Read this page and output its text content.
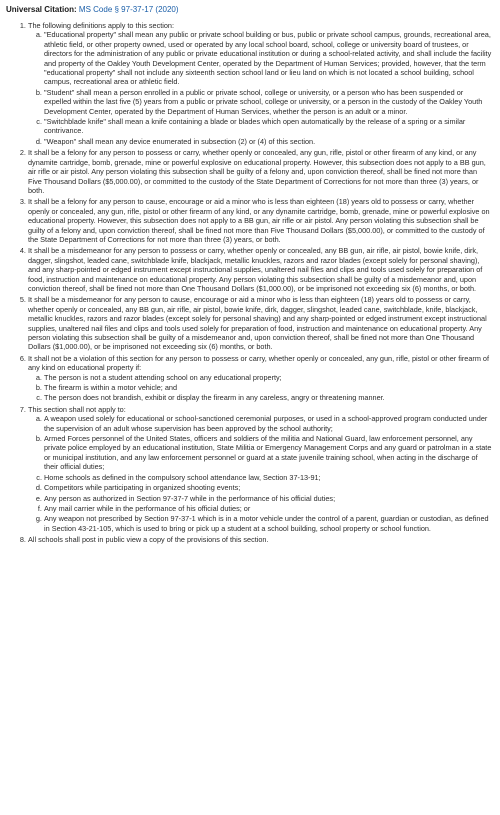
Universal Citation: MS Code § 97-37-17 (2020)
1. The following definitions apply to this section:
a. "Educational property" shall mean any public or private school building or bus, public or private school campus, grounds, recreational area, athletic field, or other property owned, used or operated by any local school board, school, college or university board of trustees, or directors for the administration of any public or private educational institution or during a school-related activity, and shall include the facility and property of the Oakley Youth Development Center, operated by the Department of Human Services; provided, however, that the term "educational property" shall not include any sixteenth section school land or lieu land on which is not located a school building, school campus, recreational area or athletic field.
b. "Student" shall mean a person enrolled in a public or private school, college or university, or a person who has been suspended or expelled within the last five (5) years from a public or private school, college or university, or a person in the custody of the Oakley Youth Development Center, operated by the Department of Human Services, whether the person is an adult or a minor.
c. "Switchblade knife" shall mean a knife containing a blade or blades which open automatically by the release of a spring or a similar contrivance.
d. "Weapon" shall mean any device enumerated in subsection (2) or (4) of this section.
2. It shall be a felony for any person to possess or carry, whether openly or concealed, any gun, rifle, pistol or other firearm of any kind, or any dynamite cartridge, bomb, grenade, mine or powerful explosive on educational property. However, this subsection does not apply to a BB gun, air rifle or air pistol. Any person violating this subsection shall be guilty of a felony and, upon conviction thereof, shall be fined not more than Five Thousand Dollars ($5,000.00), or committed to the custody of the State Department of Corrections for not more than three (3) years, or both.
3. It shall be a felony for any person to cause, encourage or aid a minor who is less than eighteen (18) years old to possess or carry, whether openly or concealed, any gun, rifle, pistol or other firearm of any kind, or any dynamite cartridge, bomb, grenade, mine or powerful explosive on educational property. However, this subsection does not apply to a BB gun, air rifle or air pistol. Any person violating this subsection shall be guilty of a felony and, upon conviction thereof, shall be fined not more than Five Thousand Dollars ($5,000.00), or committed to the custody of the State Department of Corrections for not more than three (3) years, or both.
4. It shall be a misdemeanor for any person to possess or carry, whether openly or concealed, any BB gun, air rifle, air pistol, bowie knife, dirk, dagger, slingshot, leaded cane, switchblade knife, blackjack, metallic knuckles, razors and razor blades (except solely for personal shaving), and any sharp-pointed or edged instrument except instructional supplies, unaltered nail files and clips and tools used solely for preparation of food, instruction and maintenance on educational property. Any person violating this subsection shall be guilty of a misdemeanor and, upon conviction thereof, shall be fined not more than One Thousand Dollars ($1,000.00), or be imprisoned not exceeding six (6) months, or both.
5. It shall be a misdemeanor for any person to cause, encourage or aid a minor who is less than eighteen (18) years old to possess or carry, whether openly or concealed, any BB gun, air rifle, air pistol, bowie knife, dirk, dagger, slingshot, leaded cane, switchblade, knife, blackjack, metallic knuckles, razors and razor blades (except solely for personal shaving) and any sharp-pointed or edged instrument except instructional supplies, unaltered nail files and clips and tools used solely for preparation of food, instruction and maintenance on educational property. Any person violating this subsection shall be guilty of a misdemeanor and, upon conviction thereof, shall be fined not more than One Thousand Dollars ($1,000.00), or be imprisoned not exceeding six (6) months, or both.
6. It shall not be a violation of this section for any person to possess or carry, whether openly or concealed, any gun, rifle, pistol or other firearm of any kind on educational property if:
a. The person is not a student attending school on any educational property;
b. The firearm is within a motor vehicle; and
c. The person does not brandish, exhibit or display the firearm in any careless, angry or threatening manner.
7. This section shall not apply to:
a. A weapon used solely for educational or school-sanctioned ceremonial purposes, or used in a school-approved program conducted under the supervision of an adult whose supervision has been approved by the school authority;
b. Armed Forces personnel of the United States, officers and soldiers of the militia and National Guard, law enforcement personnel, any private police employed by an educational institution, State Militia or Emergency Management Corps and any guard or patrolman in a state or municipal institution, and any law enforcement personnel or guard at a state juvenile training school, when acting in the discharge of their official duties;
c. Home schools as defined in the compulsory school attendance law, Section 37-13-91;
d. Competitors while participating in organized shooting events;
e. Any person as authorized in Section 97-37-7 while in the performance of his official duties;
f. Any mail carrier while in the performance of his official duties; or
g. Any weapon not prescribed by Section 97-37-1 which is in a motor vehicle under the control of a parent, guardian or custodian, as defined in Section 43-21-105, which is used to bring or pick up a student at a school building, school property or school function.
8. All schools shall post in public view a copy of the provisions of this section.
